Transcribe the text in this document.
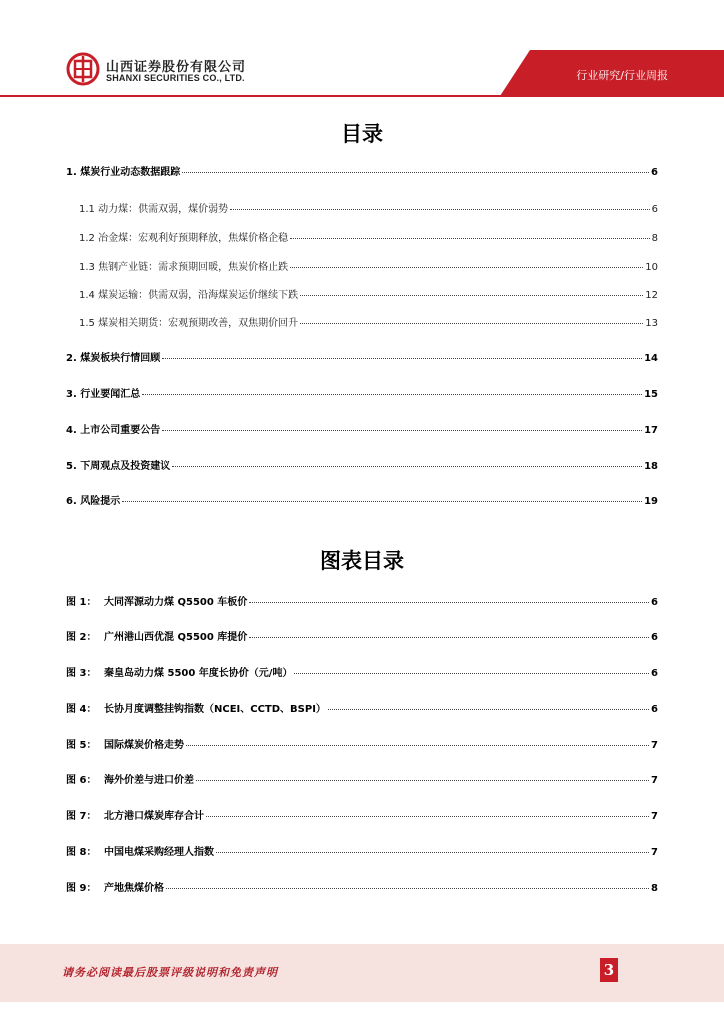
山西证券股份有限公司
SHANXI SECURITIES CO., LTD.	行业研究/行业周报
目录
1. 煤炭行业动态数据跟踪	6
1.1 动力煤：供需双弱，煤价弱势	6
1.2 冶金煤：宏观利好预期释放，焦煤价格企稳	8
1.3 焦钢产业链：需求预期回暖，焦炭价格止跌	10
1.4 煤炭运输：供需双弱，沿海煤炭运价继续下跌	12
1.5 煤炭相关期货：宏观预期改善，双焦期价回升	13
2. 煤炭板块行情回顾	14
3. 行业要闻汇总	15
4. 上市公司重要公告	17
5. 下周观点及投资建议	18
6. 风险提示	19
图表目录
图 1： 大同浑源动力煤 Q5500 车板价	6
图 2： 广州港山西优混 Q5500 库提价	6
图 3： 秦皇岛动力煤 5500 年度长协价（元/吨）	6
图 4： 长协月度调整挂钩指数（NCEI、CCTD、BSPI）	6
图 5： 国际煤炭价格走势	7
图 6： 海外价差与进口价差	7
图 7： 北方港口煤炭库存合计	7
图 8： 中国电煤采购经理人指数	7
图 9： 产地焦煤价格	8
请务必阅读最后股票评级说明和免责声明	3
